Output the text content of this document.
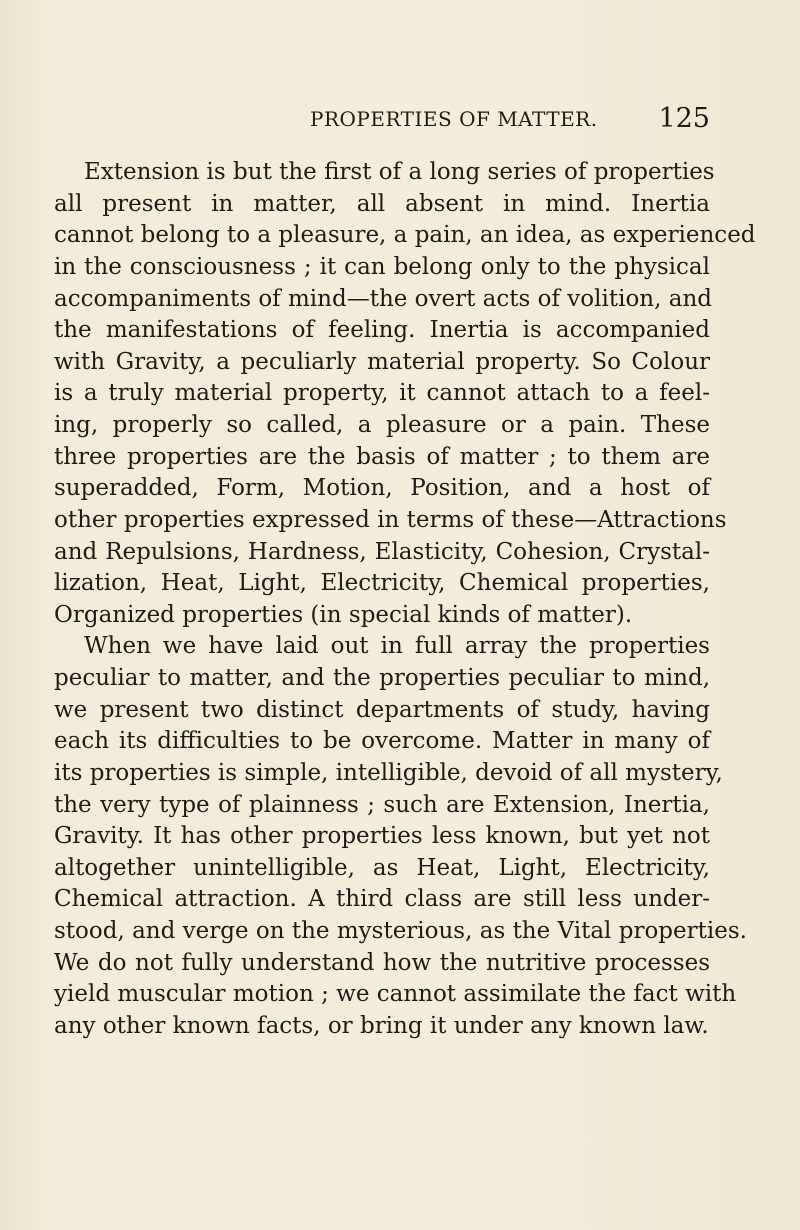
PROPERTIES OF MATTER. 125
Extension is but the first of a long series of properties
all present in matter, all absent in mind. Inertia
cannot belong to a pleasure, a pain, an idea, as experienced
in the consciousness ; it can belong only to the physical
accompaniments of mind—the overt acts of volition, and
the manifestations of feeling. Inertia is accompanied
with Gravity, a peculiarly material property. So Colour
is a truly material property, it cannot attach to a feel-
ing, properly so called, a pleasure or a pain. These
three properties are the basis of matter ; to them are
superadded, Form, Motion, Position, and a host of
other properties expressed in terms of these—Attractions
and Repulsions, Hardness, Elasticity, Cohesion, Crystal-
lization, Heat, Light, Electricity, Chemical properties,
Organized properties (in special kinds of matter).
When we have laid out in full array the properties
peculiar to matter, and the properties peculiar to mind,
we present two distinct departments of study, having
each its difficulties to be overcome. Matter in many of
its properties is simple, intelligible, devoid of all mystery,
the very type of plainness ; such are Extension, Inertia,
Gravity. It has other properties less known, but yet not
altogether unintelligible, as Heat, Light, Electricity,
Chemical attraction. A third class are still less under-
stood, and verge on the mysterious, as the Vital properties.
We do not fully understand how the nutritive processes
yield muscular motion ; we cannot assimilate the fact with
any other known facts, or bring it under any known law.
